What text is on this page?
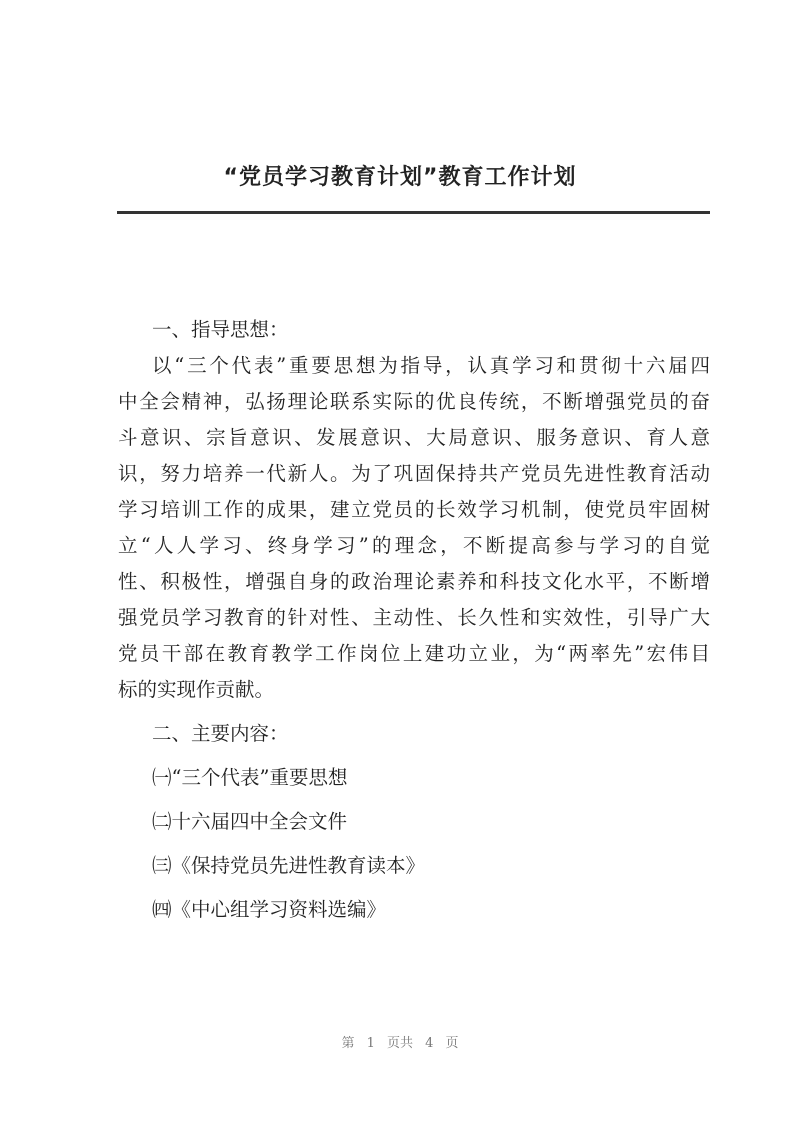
“党员学习教育计划”教育工作计划
一、指导思想：
以“三个代表”重要思想为指导，认真学习和贯彻十六届四
中全会精神，弘扬理论联系实际的优良传统，不断增强党员的奋
斗意识、宗旨意识、发展意识、大局意识、服务意识、育人意
识，努力培养一代新人。为了巩固保持共产党员先进性教育活动
学习培训工作的成果，建立党员的长效学习机制，使党员牢固树
立“人人学习、终身学习”的理念，不断提高参与学习的自觉
性、积极性，增强自身的政治理论素养和科技文化水平，不断增
强党员学习教育的针对性、主动性、长久性和实效性，引导广大
党员干部在教育教学工作岗位上建功立业，为“两率先”宏伟目
标的实现作贡献。
二、主要内容：
㈠“三个代表”重要思想
㈡十六届四中全会文件
㈢《保持党员先进性教育读本》
㈣《中心组学习资料选编》
第 1 页共 4 页
